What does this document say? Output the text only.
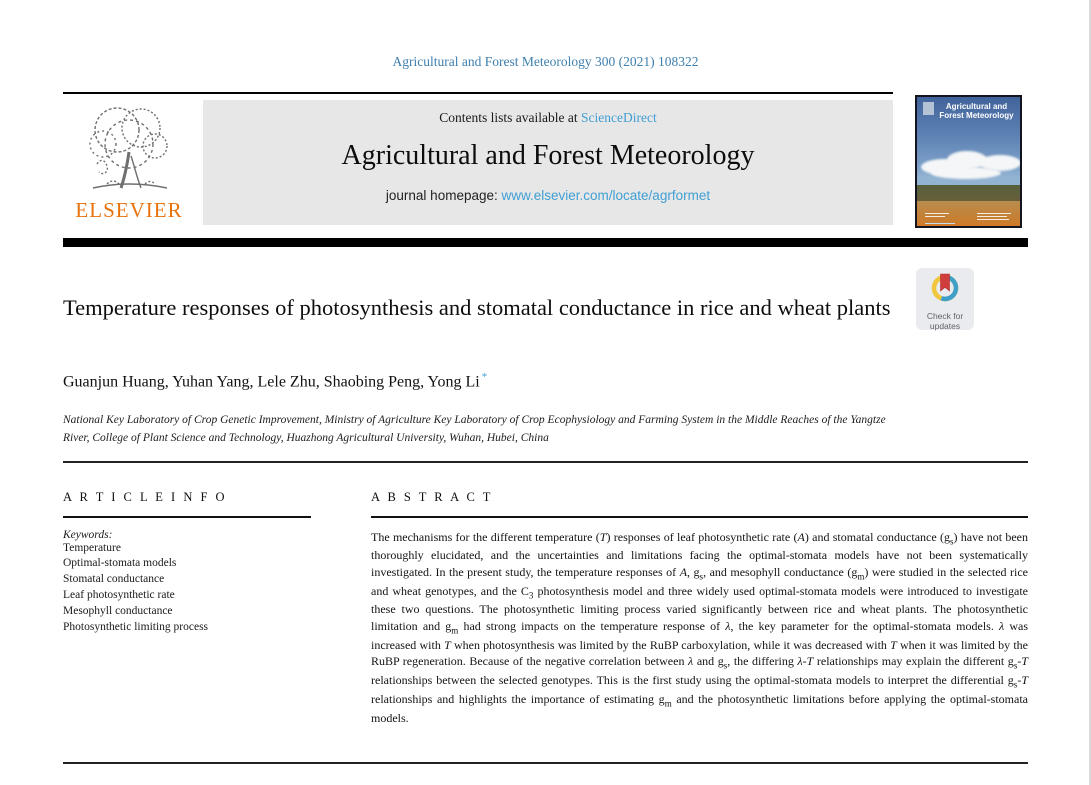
Agricultural and Forest Meteorology 300 (2021) 108322
ELSEVIER
Contents lists available at ScienceDirect
Agricultural and Forest Meteorology
journal homepage: www.elsevier.com/locate/agrformet
Agricultural and Forest Meteorology
Check for
updates
Temperature responses of photosynthesis and stomatal conductance in rice and wheat plants
Guanjun Huang, Yuhan Yang, Lele Zhu, Shaobing Peng, Yong Li *
National Key Laboratory of Crop Genetic Improvement, Ministry of Agriculture Key Laboratory of Crop Ecophysiology and Farming System in the Middle Reaches of the Yangtze River, College of Plant Science and Technology, Huazhong Agricultural University, Wuhan, Hubei, China
A R T I C L E I N F O
Keywords:
Temperature
Optimal-stomata models
Stomatal conductance
Leaf photosynthetic rate
Mesophyll conductance
Photosynthetic limiting process
A B S T R A C T
The mechanisms for the different temperature (T) responses of leaf photosynthetic rate (A) and stomatal conductance $(g_s)$ have not been thoroughly elucidated, and the uncertainties and limitations facing the optimal-stomata models have not been systematically investigated. In the present study, the temperature responses of A, $g_s$, and mesophyll conductance $(g_m)$ were studied in the selected rice and wheat genotypes, and the $C_3$ photosynthesis model and three widely used optimal-stomata models were introduced to investigate these two questions. The photosynthetic limiting process varied significantly between rice and wheat plants. The photosynthetic limitation and $g_m$ had strong impacts on the temperature response of λ, the key parameter for the optimal-stomata models. λ was increased with T when photosynthesis was limited by the RuBP carboxylation, while it was decreased with T when it was limited by the RuBP regeneration. Because of the negative correlation between λ and $g_s$, the differing λ-T relationships may explain the different $g_s-T$ relationships between the selected genotypes. This is the first study using the optimal-stomata models to interpret the differential $g_s-T$ relationships and highlights the importance of estimating $g_m$ and the photosynthetic limitations before applying the optimal-stomata models.
